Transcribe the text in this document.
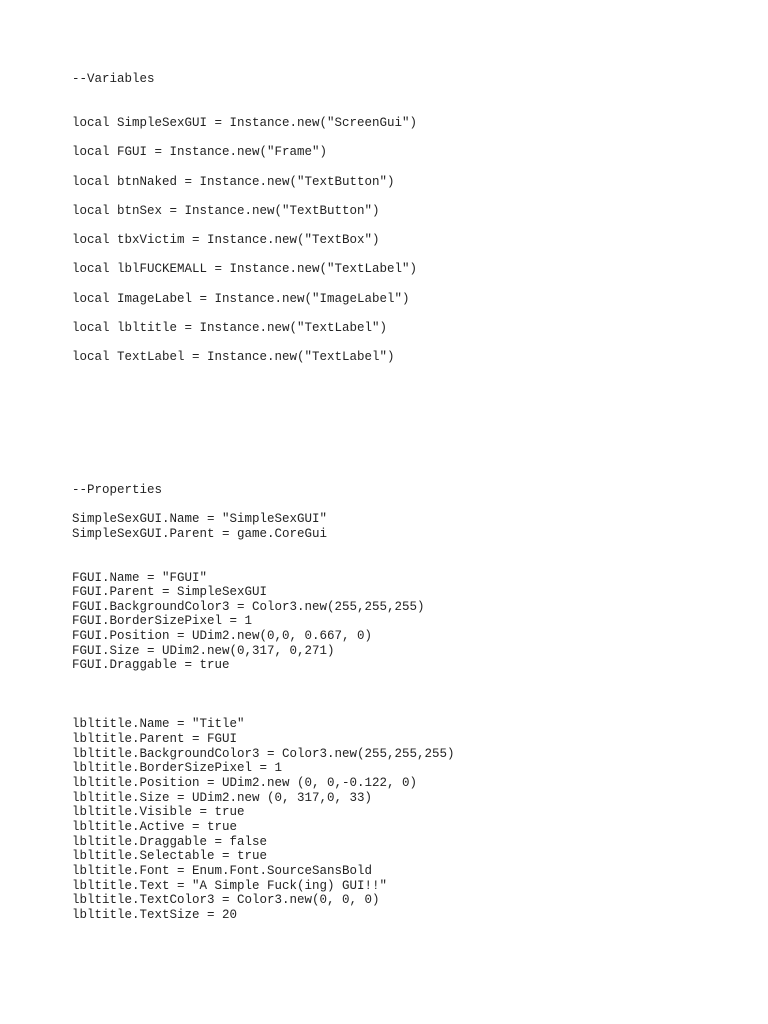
--Variables
local SimpleSexGUI = Instance.new("ScreenGui")
local FGUI = Instance.new("Frame")
local btnNaked = Instance.new("TextButton")
local btnSex = Instance.new("TextButton")
local tbxVictim = Instance.new("TextBox")
local lblFUCKEMALL = Instance.new("TextLabel")
local ImageLabel = Instance.new("ImageLabel")
local lbltitle = Instance.new("TextLabel")
local TextLabel = Instance.new("TextLabel")
--Properties
SimpleSexGUI.Name = "SimpleSexGUI"
SimpleSexGUI.Parent = game.CoreGui
FGUI.Name = "FGUI"
FGUI.Parent = SimpleSexGUI
FGUI.BackgroundColor3 = Color3.new(255,255,255)
FGUI.BorderSizePixel = 1
FGUI.Position = UDim2.new(0,0, 0.667, 0)
FGUI.Size = UDim2.new(0,317, 0,271)
FGUI.Draggable = true
lbltitle.Name = "Title"
lbltitle.Parent = FGUI
lbltitle.BackgroundColor3 = Color3.new(255,255,255)
lbltitle.BorderSizePixel = 1
lbltitle.Position = UDim2.new (0, 0,-0.122, 0)
lbltitle.Size = UDim2.new (0, 317,0, 33)
lbltitle.Visible = true
lbltitle.Active = true
lbltitle.Draggable = false
lbltitle.Selectable = true
lbltitle.Font = Enum.Font.SourceSansBold
lbltitle.Text = "A Simple Fuck(ing) GUI!!"
lbltitle.TextColor3 = Color3.new(0, 0, 0)
lbltitle.TextSize = 20
